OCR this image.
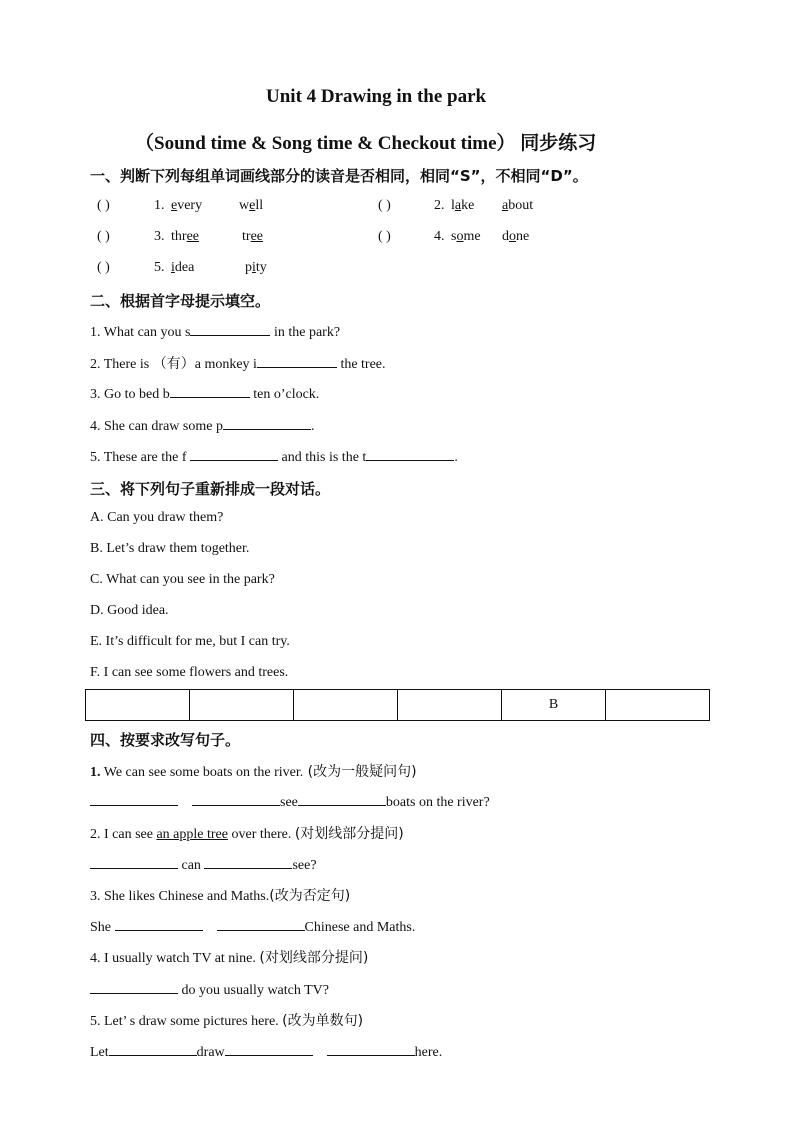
Unit 4 Drawing in the park
（Sound time & Song time & Checkout time） 同步练习
一、判断下列每组单词画线部分的读音是否相同，相同“S”，不相同“D”。
( )	1. every	well	( )	2. lake about
( )	3. three	tree	( )	4. some done
( )	5. idea	pity
二、根据首字母提示填空。
1. What can you s	in the park?
2. There is （有）a monkey i	the tree.
3. Go to bed b	ten o’clock.
4. She can draw some p	.
5. These are the f	and this is the t	.
三、将下列句子重新排成一段对话。
A. Can you draw them?
B. Let’s draw them together.
C. What can you see in the park?
D. Good idea.
E. It’s difficult for me, but I can try.
F. I can see some flowers and trees.
				B	
四、按要求改写句子。
1. We can see some boats on the river. (改为一般疑问句)
see	boats on the river?
2. I can see an apple tree over there. (对划线部分提问)
can	see?
3. She likes Chinese and Maths.(改为否定句)
She	Chinese and Maths.
4. I usually watch TV at nine. (对划线部分提问)
do you usually watch TV?
5. Let’ s draw some pictures here. (改为单数句)
Let	draw	here.
